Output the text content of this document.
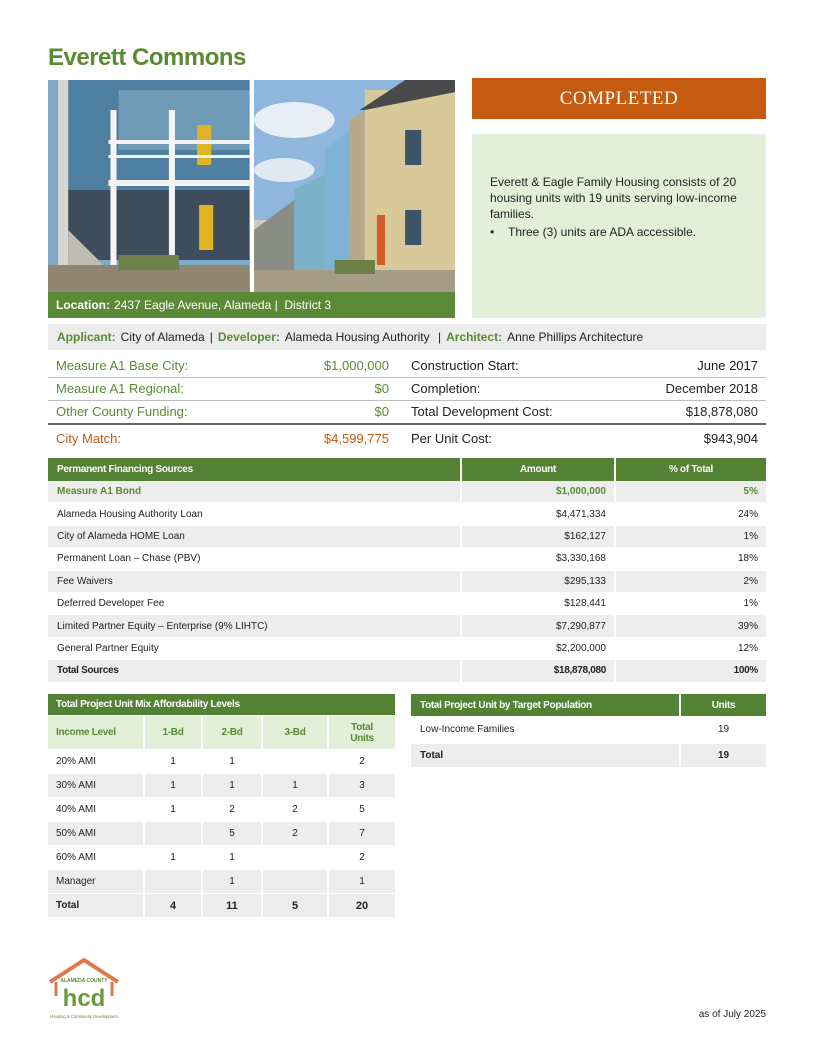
Everett Commons
Location: 2437 Eagle Avenue, Alameda | District 3
COMPLETED

Everett & Eagle Family Housing consists of 20 housing units with 19 units serving low-income families.

• Three (3) units are ADA accessible.
Applicant: City of Alameda | Developer: Alameda Housing Authority | Architect: Anne Phillips Architecture
Measure A1 Base City:	$1,000,000	Construction Start:	June 2017
Measure A1 Regional:	$0	Completion:	December 2018
Other County Funding:	$0	Total Development Cost:	$18,878,080
City Match:	$4,599,775	Per Unit Cost:	$943,904
Permanent Financing Sources	Amount	% of Total
Measure A1 Bond	$1,000,000	5%
Alameda Housing Authority Loan	$4,471,334	24%
City of Alameda HOME Loan	$162,127	1%
Permanent Loan – Chase (PBV)	$3,330,168	18%
Fee Waivers	$295,133	2%
Deferred Developer Fee	$128,441	1%
Limited Partner Equity – Enterprise (9% LIHTC)	$7,290,877	39%
General Partner Equity	$2,200,000	12%
Total Sources	$18,878,080	100%
Total Project Unit Mix Affordability Levels				
Income Level	1-Bd	2-Bd	3-Bd	Total Units
20% AMI	1	1		2
30% AMI	1	1	1	3
40% AMI	1	2	2	5
50% AMI		5	2	7
60% AMI	1	1		2
Manager		1		1
Total	4	11	5	20
Total Project Unit by Target Population	Units
Low-Income Families	19
Total	19
ALAMEDA COUNTY
hcd
Housing & Community Development	as of July 2025
